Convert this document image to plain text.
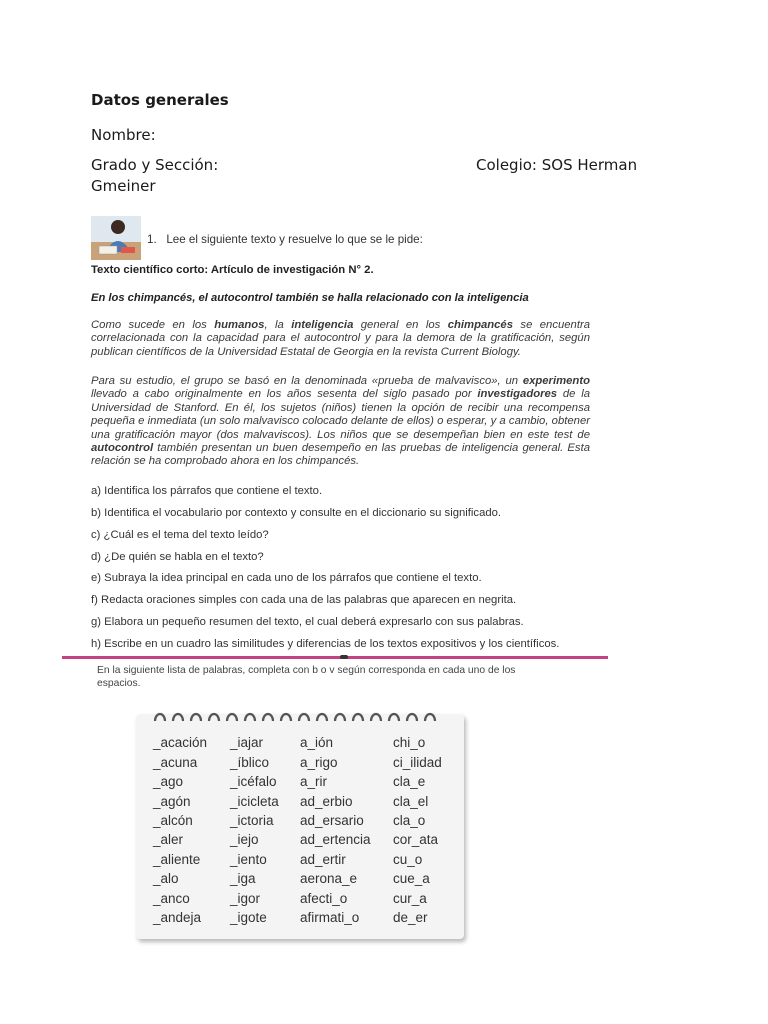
Datos generales
Nombre:
Grado y Sección:	Colegio: SOS Herman
Gmeiner
1.   Lee el siguiente texto y resuelve lo que se le pide:
Texto científico corto: Artículo de investigación N° 2.
En los chimpancés, el autocontrol también se halla relacionado con la inteligencia
Como sucede en los humanos, la inteligencia general en los chimpancés se encuentra correlacionada con la capacidad para el autocontrol y para la demora de la gratificación, según publican científicos de la Universidad Estatal de Georgia en la revista Current Biology.
Para su estudio, el grupo se basó en la denominada «prueba de malvavisco», un experimento llevado a cabo originalmente en los años sesenta del siglo pasado por investigadores de la Universidad de Stanford. En él, los sujetos (niños) tienen la opción de recibir una recompensa pequeña e inmediata (un solo malvavisco colocado delante de ellos) o esperar, y a cambio, obtener una gratificación mayor (dos malvaviscos). Los niños que se desempeñan bien en este test de autocontrol también presentan un buen desempeño en las pruebas de inteligencia general. Esta relación se ha comprobado ahora en los chimpancés.
a) Identifica los párrafos que contiene el texto.
b) Identifica el vocabulario por contexto y consulte en el diccionario su significado.
c) ¿Cuál es el tema del texto leído?
d) ¿De quién se habla en el texto?
e) Subraya la idea principal en cada uno de los párrafos que contiene el texto.
f) Redacta oraciones simples con cada una de las palabras que aparecen en negrita.
g) Elabora un pequeño resumen del texto, el cual deberá expresarlo con sus palabras.
h) Escribe en un cuadro las similitudes y diferencias de los textos expositivos y los científicos.
En la siguiente lista de palabras, completa con b o v según corresponda en cada uno de los espacios.
_acación
_acuna
_ago
_agón
_alcón
_aler
_aliente
_alo
_anco
_andeja
_iajar
_íblico
_icéfalo
_icicleta
_ictoria
_iejo
_iento
_iga
_igor
_igote
a_ión
a_rigo
a_rir
ad_erbio
ad_ersario
ad_ertencia
ad_ertir
aerona_e
afecti_o
afirmati_o
chi_o
ci_ilidad
cla_e
cla_el
cla_o
cor_ata
cu_o
cue_a
cur_a
de_er
